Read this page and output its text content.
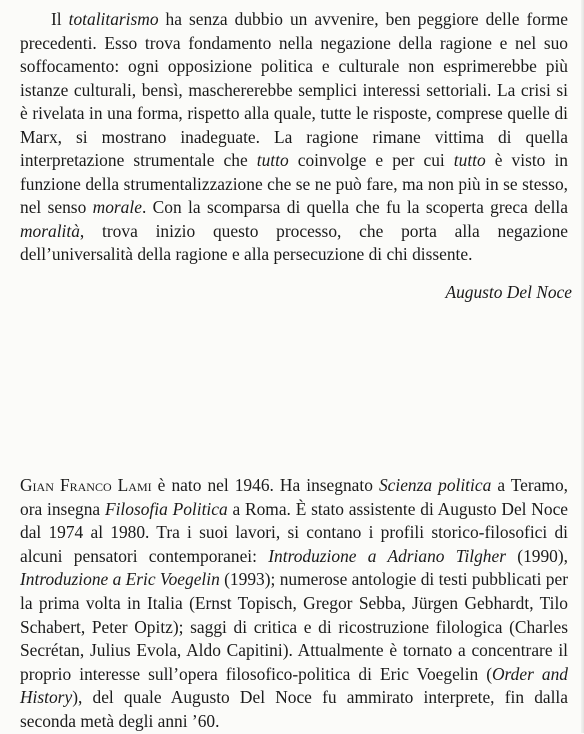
Il totalitarismo ha senza dubbio un avvenire, ben peggiore delle forme precedenti. Esso trova fondamento nella negazione della ragione e nel suo soffocamento: ogni opposizione politica e culturale non esprimerebbe più istanze culturali, bensì, maschererebbe semplici interessi settoriali. La crisi si è rivelata in una forma, rispetto alla quale, tutte le risposte, comprese quelle di Marx, si mostrano inadeguate. La ragione rimane vittima di quella interpretazione strumentale che tutto coinvolge e per cui tutto è visto in funzione della strumentalizzazione che se ne può fare, ma non più in se stesso, nel senso morale. Con la scomparsa di quella che fu la scoperta greca della moralità, trova inizio questo processo, che porta alla negazione dell’universalità della ragione e alla persecuzione di chi dissente.

Augusto Del Noce

Gian Franco Lami è nato nel 1946. Ha insegnato Scienza politica a Teramo, ora insegna Filosofia Politica a Roma. È stato assistente di Augusto Del Noce dal 1974 al 1980. Tra i suoi lavori, si contano i profili storico-filosofici di alcuni pensatori contemporanei: Introduzione a Adriano Tilgher (1990), Introduzione a Eric Voegelin (1993); numerose antologie di testi pubblicati per la prima volta in Italia (Ernst Topisch, Gregor Sebba, Jürgen Gebhardt, Tilo Schabert, Peter Opitz); saggi di critica e di ricostruzione filologica (Charles Secrétan, Julius Evola, Aldo Capitini). Attualmente è tornato a concentrare il proprio interesse sull’opera filosofico-politica di Eric Voegelin (Order and History), del quale Augusto Del Noce fu ammirato interprete, fin dalla seconda metà degli anni ’60.
